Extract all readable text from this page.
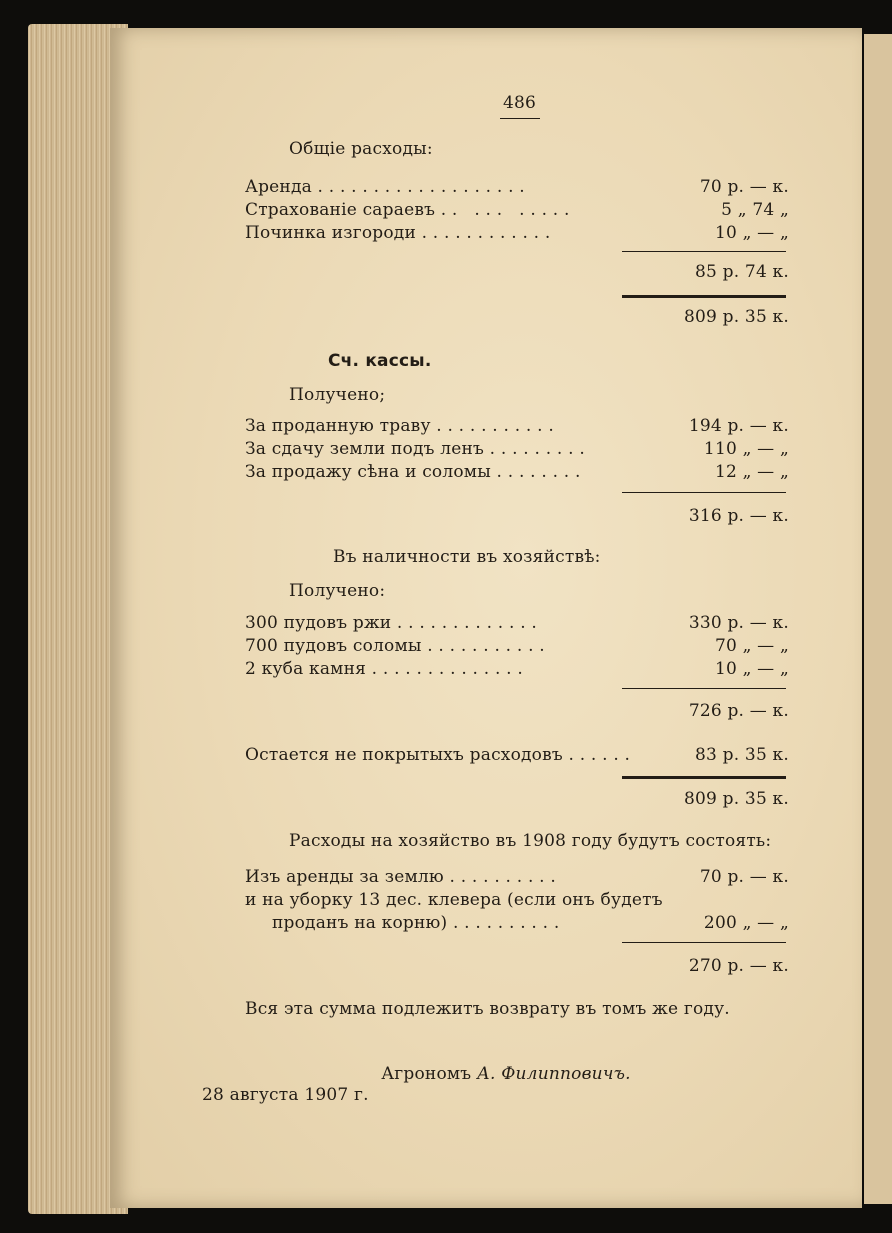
486
Общіе расходы:
Аренда . . . . . . . . . . . . . . . . . . .	70 р. — к.
Страхованіе сараевъ . .   . . .   . . . . .	5 „ 74 „
Починка изгороди . . . . . . . . . . . .	10 „ — „
85 р. 74 к.
809 р. 35 к.
Сч. кассы.
Получено;
За проданную траву . . . . . . . . . . .	194 р. — к.
За сдачу земли подъ ленъ . . . . . . . . .	110 „ — „
За продажу сѣна и соломы . . . . . . . .	12 „ — „
316 р. — к.
Въ наличности въ хозяйствѣ:
Получено:
300 пудовъ ржи . . . . . . . . . . . . .	330 р. — к.
700 пудовъ соломы . . . . . . . . . . .	70 „ — „
2 куба камня . . . . . . . . . . . . . .	10 „ — „
726 р. — к.
Остается не покрытыхъ расходовъ . . . . . .	83 р. 35 к.
809 р. 35 к.
Расходы на хозяйство въ 1908 году будутъ состоять:
Изъ аренды за землю . . . . . . . . . .	70 р. — к.
и на уборку 13 дес. клевера (если онъ будетъ
проданъ на корню) . . . . . . . . . .	200 „ — „
270 р. — к.
Вся эта сумма подлежитъ возврату въ томъ же году.

Агрономъ А. Филипповичъ.

28 августа 1907 г.
